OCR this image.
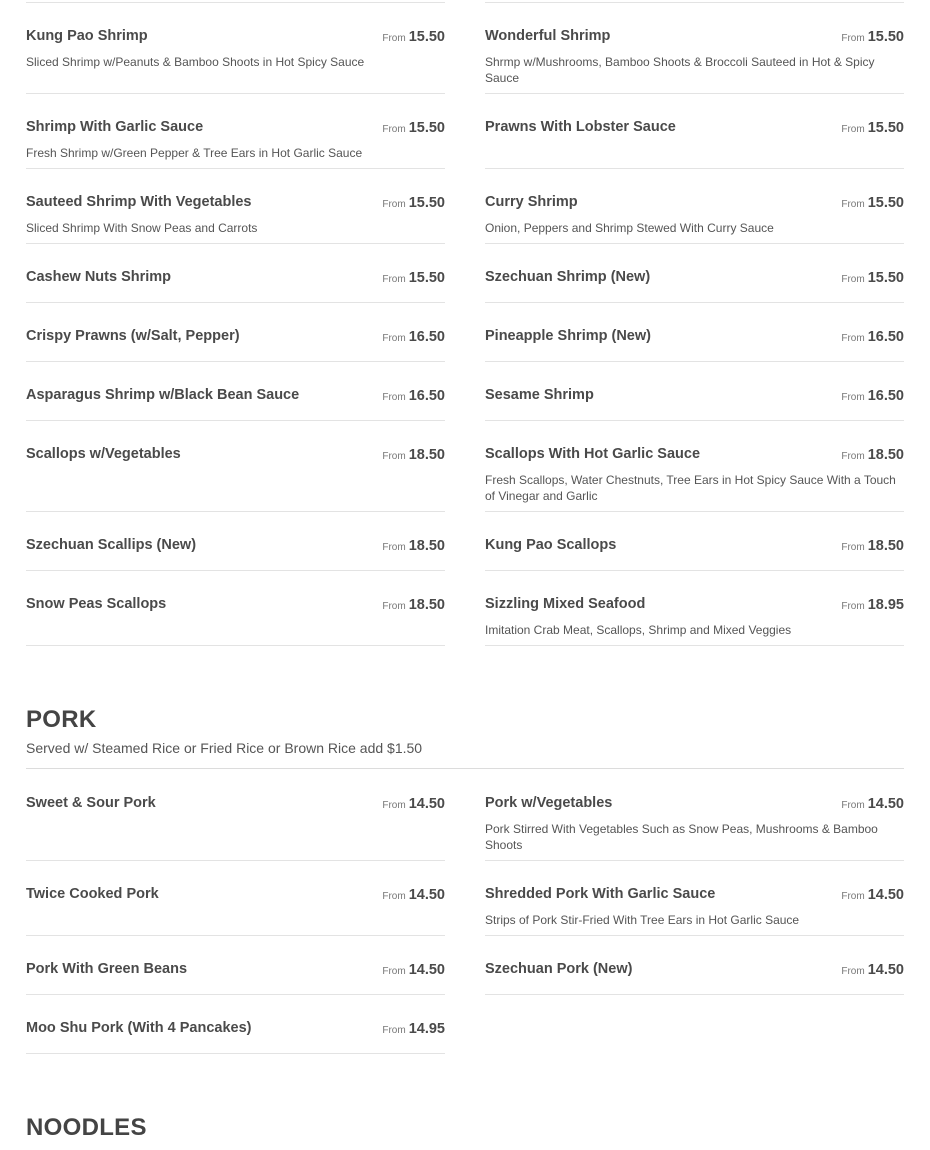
Kung Pao Shrimp	From 15.50
Sliced Shrimp w/Peanuts & Bamboo Shoots in Hot Spicy Sauce
Shrimp With Garlic Sauce	From 15.50
Fresh Shrimp w/Green Pepper & Tree Ears in Hot Garlic Sauce
Sauteed Shrimp With Vegetables	From 15.50
Sliced Shrimp With Snow Peas and Carrots
Cashew Nuts Shrimp	From 15.50
Crispy Prawns (w/Salt, Pepper)	From 16.50
Asparagus Shrimp w/Black Bean Sauce	From 16.50
Scallops w/Vegetables	From 18.50
Szechuan Scallips (New)	From 18.50
Snow Peas Scallops	From 18.50
Wonderful Shrimp	From 15.50
Shrmp w/Mushrooms, Bamboo Shoots & Broccoli Sauteed in Hot & Spicy Sauce
Prawns With Lobster Sauce	From 15.50
Curry Shrimp	From 15.50
Onion, Peppers and Shrimp Stewed With Curry Sauce
Szechuan Shrimp (New)	From 15.50
Pineapple Shrimp (New)	From 16.50
Sesame Shrimp	From 16.50
Scallops With Hot Garlic Sauce	From 18.50
Fresh Scallops, Water Chestnuts, Tree Ears in Hot Spicy Sauce With a Touch of Vinegar and Garlic
Kung Pao Scallops	From 18.50
Sizzling Mixed Seafood	From 18.95
Imitation Crab Meat, Scallops, Shrimp and Mixed Veggies
PORK
Served w/ Steamed Rice or Fried Rice or Brown Rice add $1.50
Sweet & Sour Pork	From 14.50
Twice Cooked Pork	From 14.50
Pork With Green Beans	From 14.50
Moo Shu Pork (With 4 Pancakes)	From 14.95
Pork w/Vegetables	From 14.50
Pork Stirred With Vegetables Such as Snow Peas, Mushrooms & Bamboo Shoots
Shredded Pork With Garlic Sauce	From 14.50
Strips of Pork Stir-Fried With Tree Ears in Hot Garlic Sauce
Szechuan Pork (New)	From 14.50
NOODLES
